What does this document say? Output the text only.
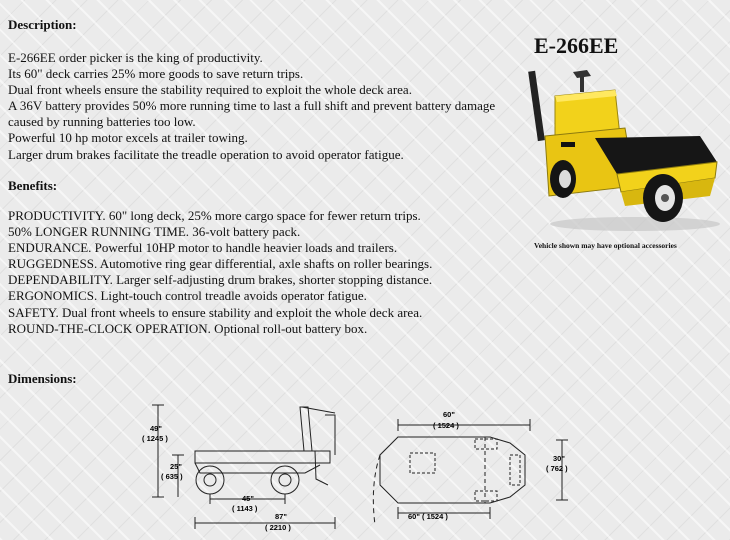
Description:
E-266EE order picker is the king of productivity.
Its 60" deck carries 25% more goods to save return trips.
Dual front wheels ensure the stability required to exploit the whole deck area.
A 36V battery provides 50% more running time to last a full shift and prevent battery damage
caused by running batteries too low.
Powerful 10 hp motor excels at trailer towing.
Larger drum brakes facilitate the treadle operation to avoid operator fatigue.
Benefits:
PRODUCTIVITY. 60" long deck, 25% more cargo space for fewer return trips.
50% LONGER RUNNING TIME. 36-volt battery pack.
ENDURANCE. Powerful 10HP motor to handle heavier loads and trailers.
RUGGEDNESS. Automotive ring gear differential, axle shafts on roller bearings.
DEPENDABILITY. Larger self-adjusting drum brakes, shorter stopping distance.
ERGONOMICS. Light-touch control treadle avoids operator fatigue.
SAFETY. Dual front wheels to ensure stability and exploit the whole deck area.
ROUND-THE-CLOCK OPERATION. Optional roll-out battery box.
Dimensions:
E-266EE
Vehicle shown may have optional accessories
49"
( 1245 )
25"
( 635 )
45"
( 1143 )
87"
( 2210 )
60"
( 1524 )
30"
( 762 )
60" ( 1524 )
